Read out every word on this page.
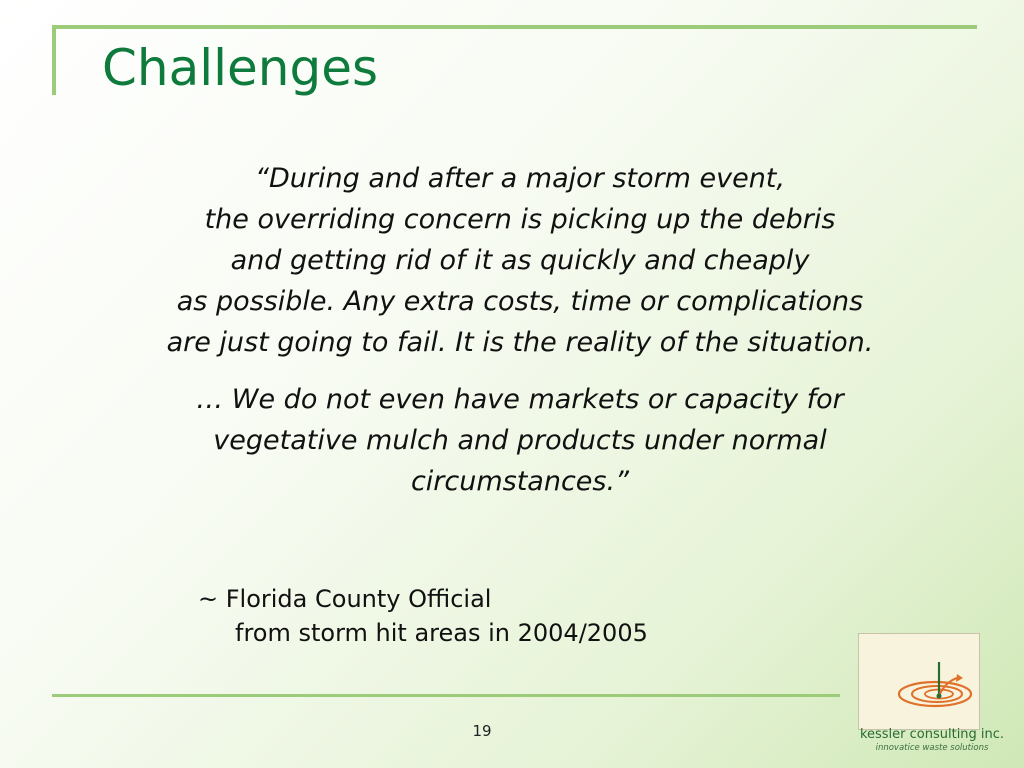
Challenges

“During and after a major storm event,
the overriding concern is picking up the debris
and getting rid of it as quickly and cheaply
as possible. Any extra costs, time or complications
are just going to fail. It is the reality of the situation.

… We do not even have markets or capacity for
vegetative mulch and products under normal
circumstances.”

~ Florida County Official
from storm hit areas in 2004/2005
19	kessler consulting inc.
innovatice waste solutions
